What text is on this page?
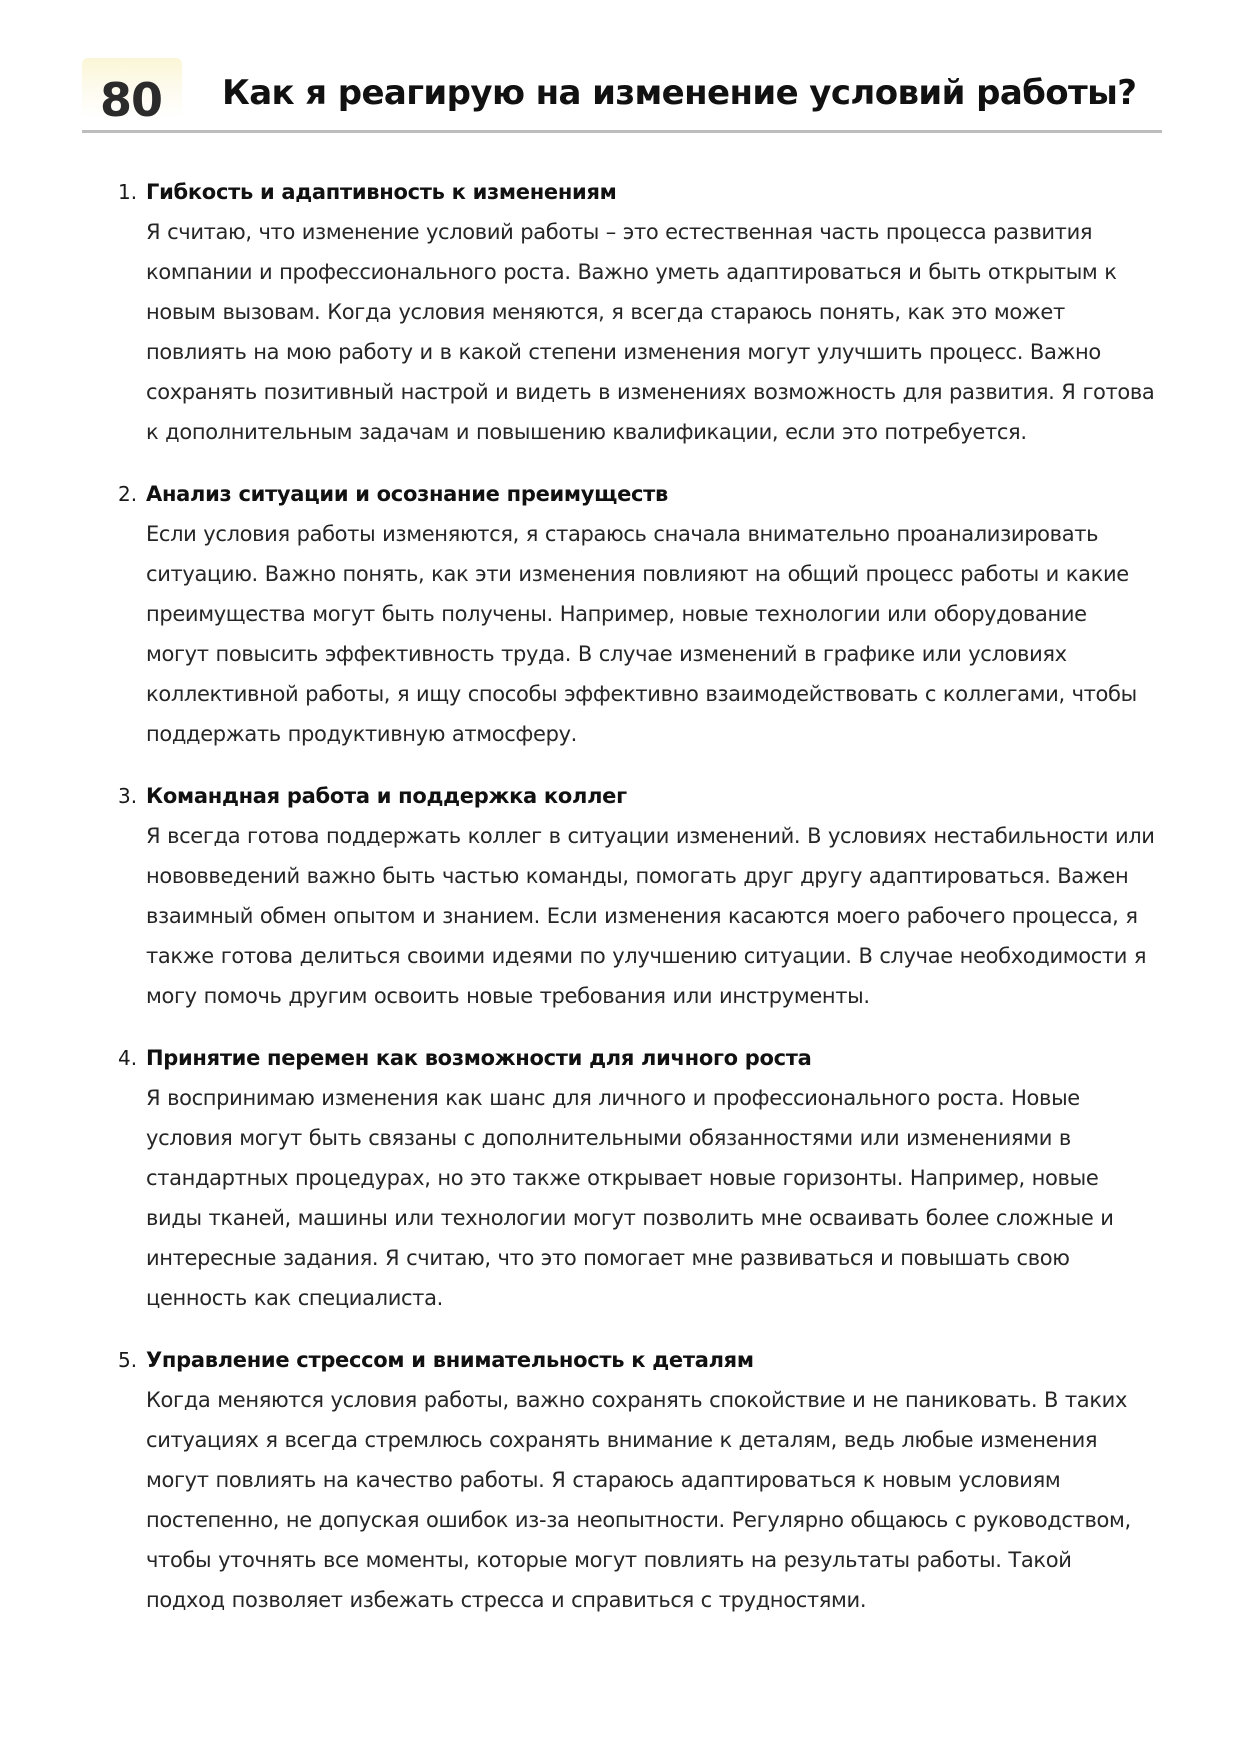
80 Как я реагирую на изменение условий работы?
1. Гибкость и адаптивность к изменениям
Я считаю, что изменение условий работы – это естественная часть процесса развития компании и профессионального роста. Важно уметь адаптироваться и быть открытым к новым вызовам. Когда условия меняются, я всегда стараюсь понять, как это может повлиять на мою работу и в какой степени изменения могут улучшить процесс. Важно сохранять позитивный настрой и видеть в изменениях возможность для развития. Я готова к дополнительным задачам и повышению квалификации, если это потребуется.
2. Анализ ситуации и осознание преимуществ
Если условия работы изменяются, я стараюсь сначала внимательно проанализировать ситуацию. Важно понять, как эти изменения повлияют на общий процесс работы и какие преимущества могут быть получены. Например, новые технологии или оборудование могут повысить эффективность труда. В случае изменений в графике или условиях коллективной работы, я ищу способы эффективно взаимодействовать с коллегами, чтобы поддержать продуктивную атмосферу.
3. Командная работа и поддержка коллег
Я всегда готова поддержать коллег в ситуации изменений. В условиях нестабильности или нововведений важно быть частью команды, помогать друг другу адаптироваться. Важен взаимный обмен опытом и знанием. Если изменения касаются моего рабочего процесса, я также готова делиться своими идеями по улучшению ситуации. В случае необходимости я могу помочь другим освоить новые требования или инструменты.
4. Принятие перемен как возможности для личного роста
Я воспринимаю изменения как шанс для личного и профессионального роста. Новые условия могут быть связаны с дополнительными обязанностями или изменениями в стандартных процедурах, но это также открывает новые горизонты. Например, новые виды тканей, машины или технологии могут позволить мне осваивать более сложные и интересные задания. Я считаю, что это помогает мне развиваться и повышать свою ценность как специалиста.
5. Управление стрессом и внимательность к деталям
Когда меняются условия работы, важно сохранять спокойствие и не паниковать. В таких ситуациях я всегда стремлюсь сохранять внимание к деталям, ведь любые изменения могут повлиять на качество работы. Я стараюсь адаптироваться к новым условиям постепенно, не допуская ошибок из-за неопытности. Регулярно общаюсь с руководством, чтобы уточнять все моменты, которые могут повлиять на результаты работы. Такой подход позволяет избежать стресса и справиться с трудностями.
